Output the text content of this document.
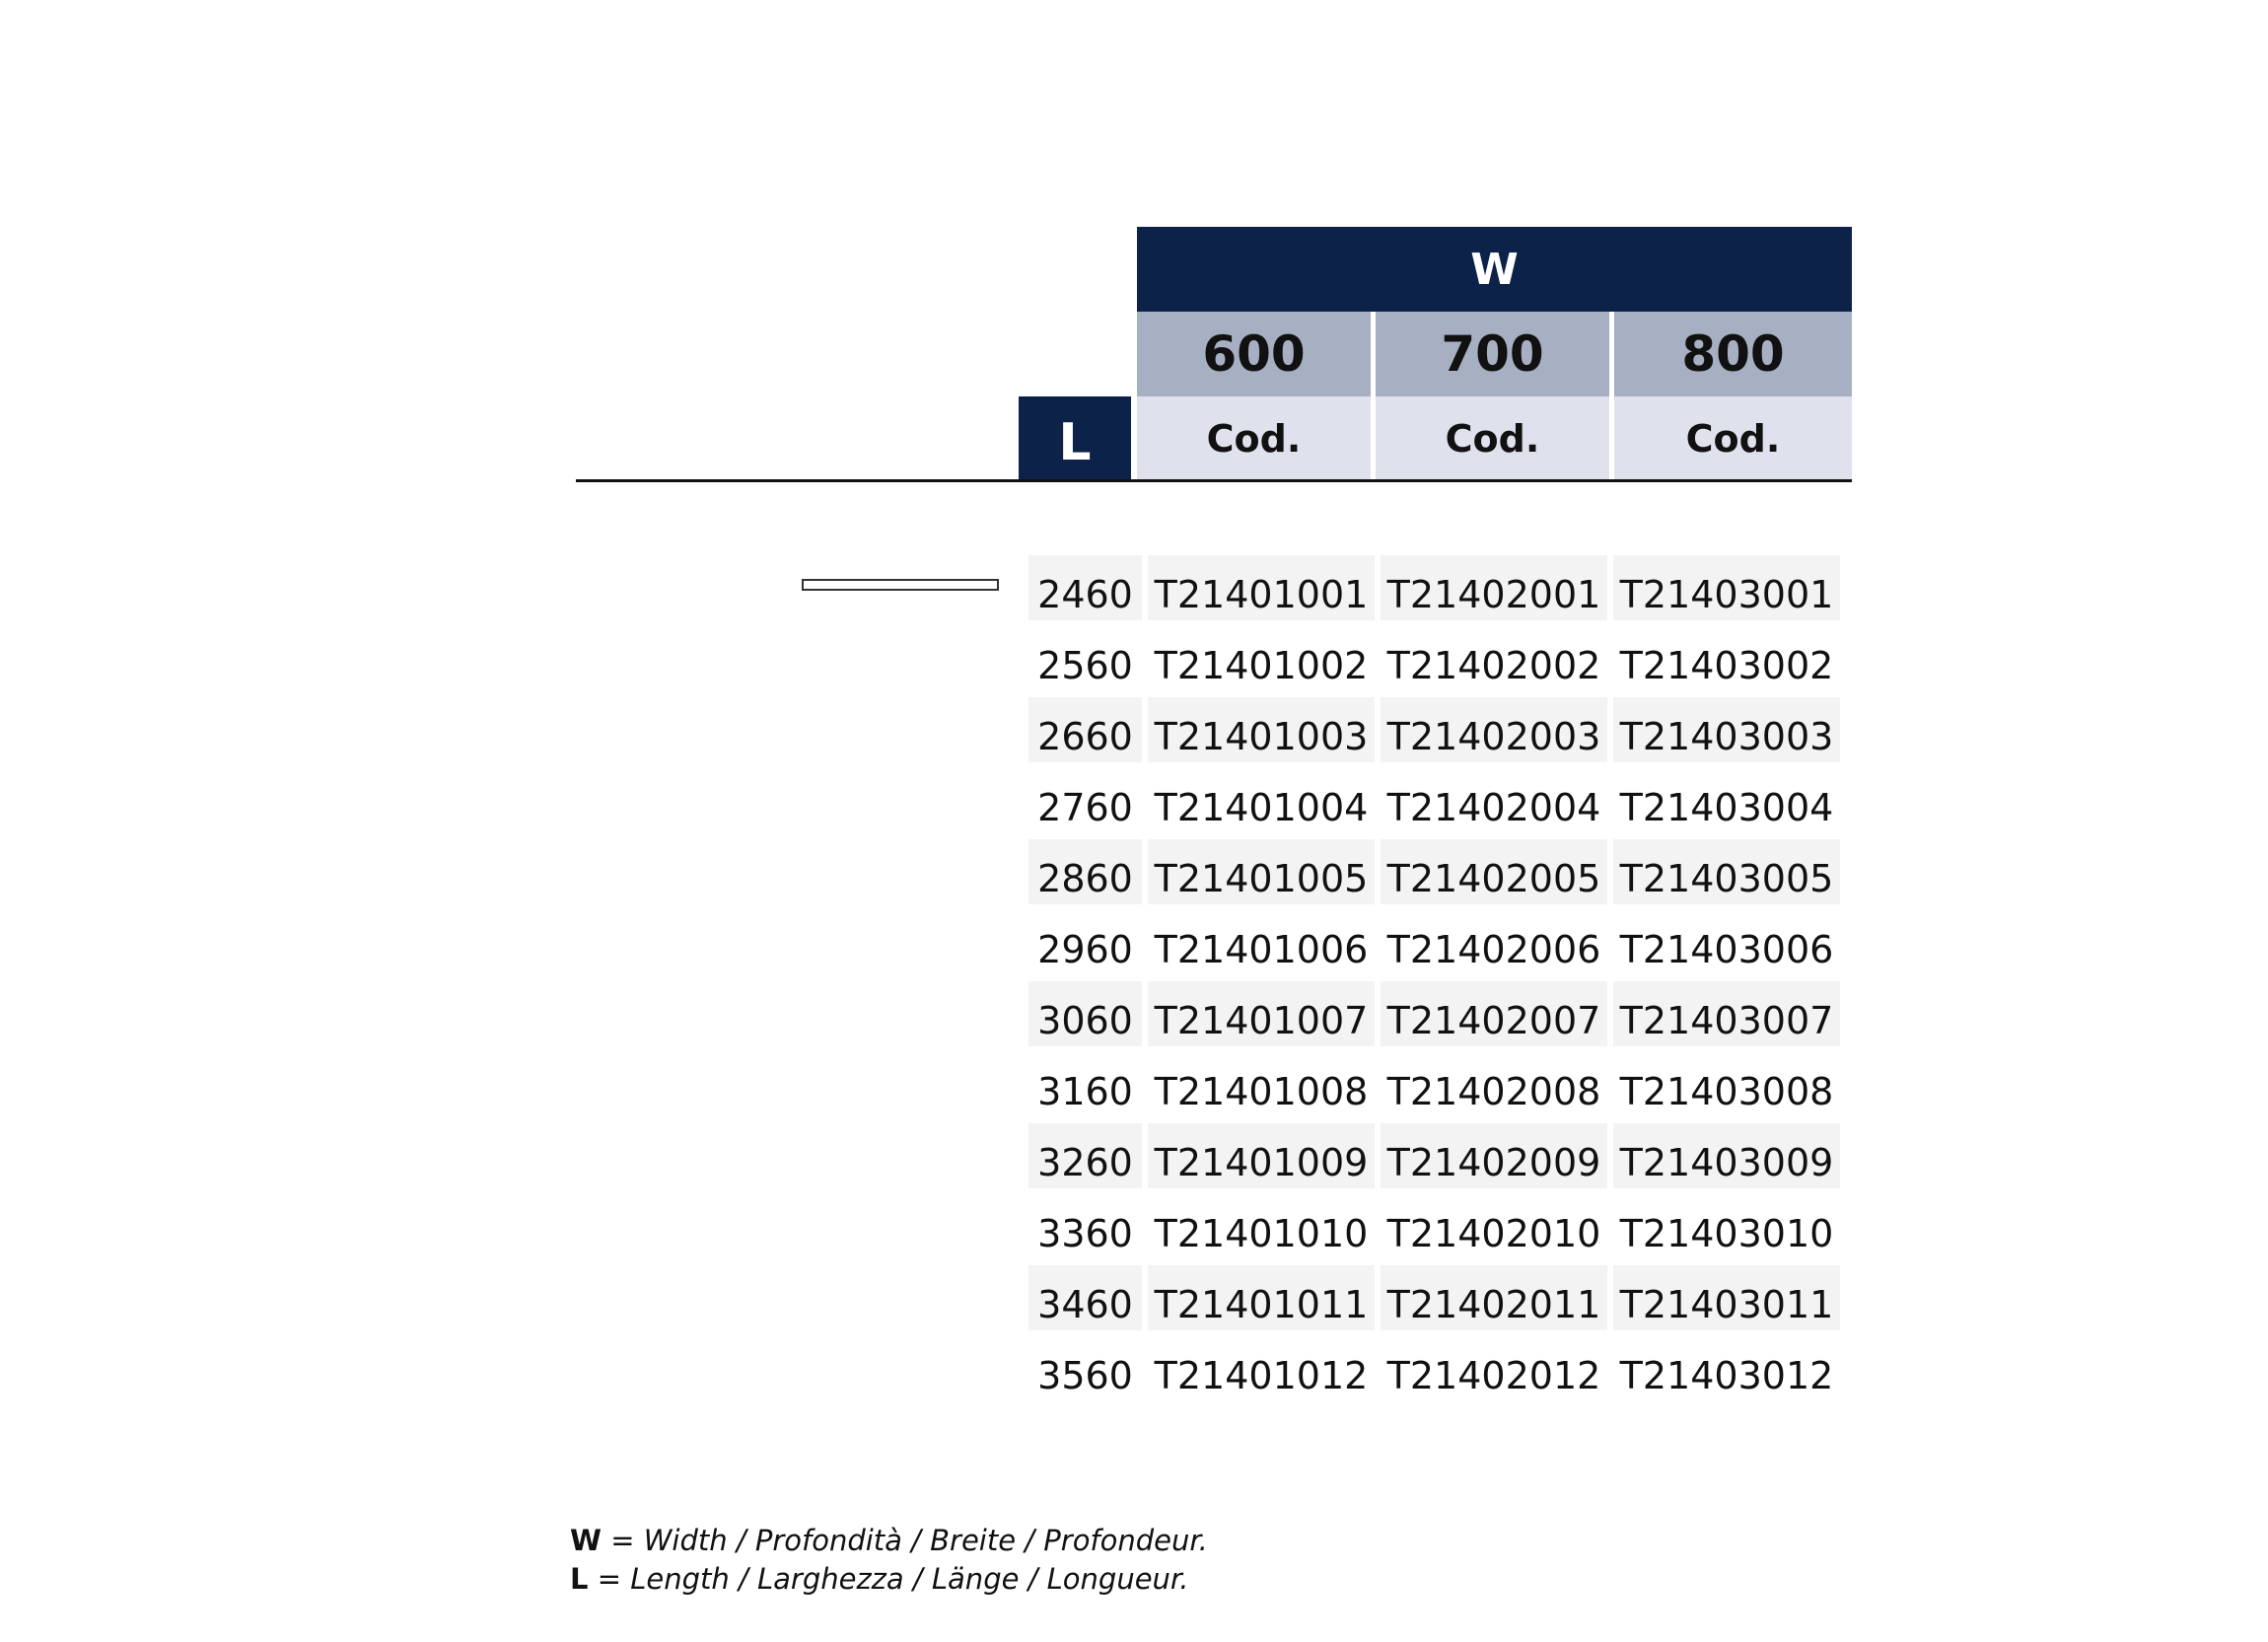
W
600	700	800
L	Cod.	Cod.	Cod.
2460 T21401001 T21402001 T21403001
2560 T21401002 T21402002 T21403002
2660 T21401003 T21402003 T21403003
2760 T21401004 T21402004 T21403004
2860 T21401005 T21402005 T21403005
2960 T21401006 T21402006 T21403006
3060 T21401007 T21402007 T21403007
3160 T21401008 T21402008 T21403008
3260 T21401009 T21402009 T21403009
3360 T21401010 T21402010 T21403010
3460 T21401011 T21402011 T21403011
3560 T21401012 T21402012 T21403012
W = Width / Profondità / Breite / Profondeur.
L = Length / Larghezza / Länge / Longueur.
